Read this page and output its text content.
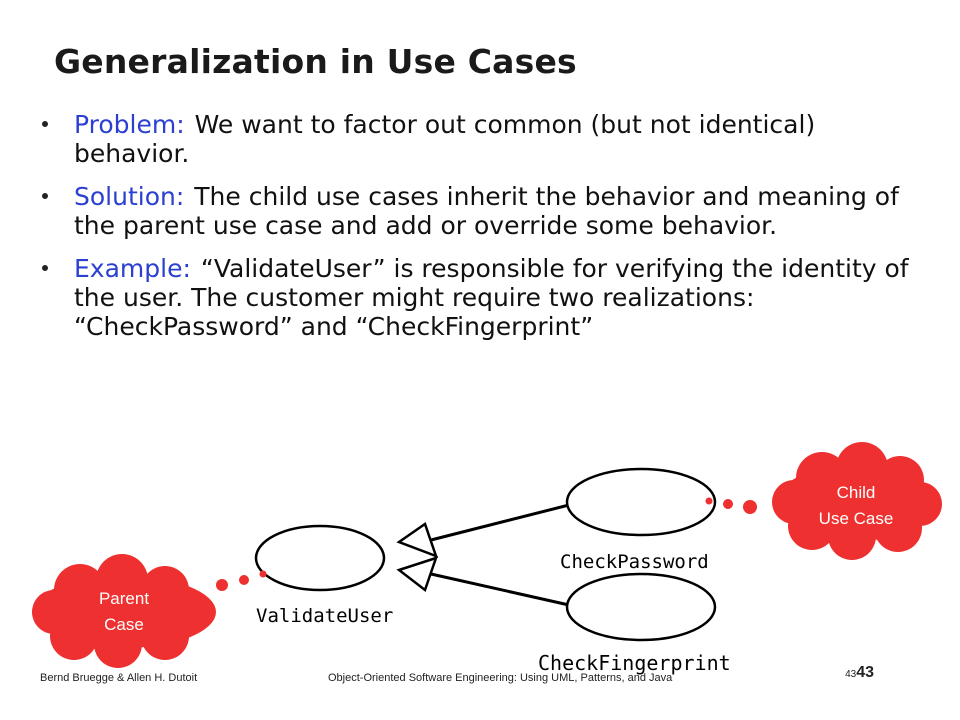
Generalization in Use Cases
Problem: We want to factor out common (but not identical) behavior.
Solution: The child use cases inherit the behavior and meaning of the parent use case and add or override some behavior.
Example: “ValidateUser” is responsible for verifying the identity of the user. The customer might require two realizations: “CheckPassword” and “CheckFingerprint”
CheckPassword
ValidateUser
CheckFingerprint
Parent
Case
Child
Use Case
Bernd Bruegge & Allen H. Dutoit	Object-Oriented Software Engineering: Using UML, Patterns, and Java	4343
